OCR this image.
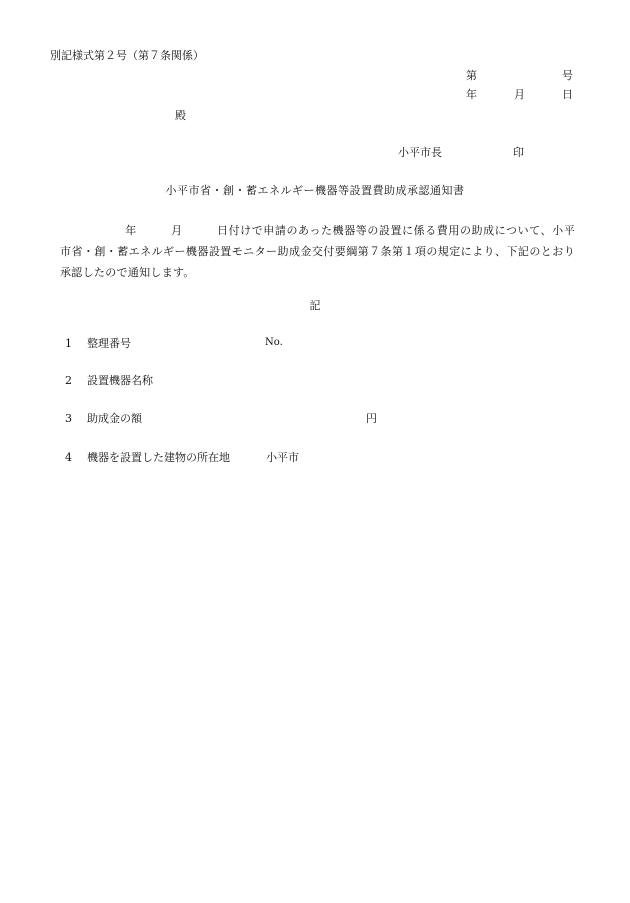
別記様式第２号（第７条関係）
第	号
年	月	日
殿
小平市長	印
小平市省・創・蓄エネルギー機器等設置費助成承認通知書
年	月	日付けで申請のあった機器等の設置に係る費用の助成について、小平市省・創・蓄エネルギー機器設置モニター助成金交付要綱第７条第１項の規定により、下記のとおり承認したので通知します。
記
1 整理番号	No.
2 設置機器名称
3 助成金の額	円
4 機器を設置した建物の所在地	小平市
